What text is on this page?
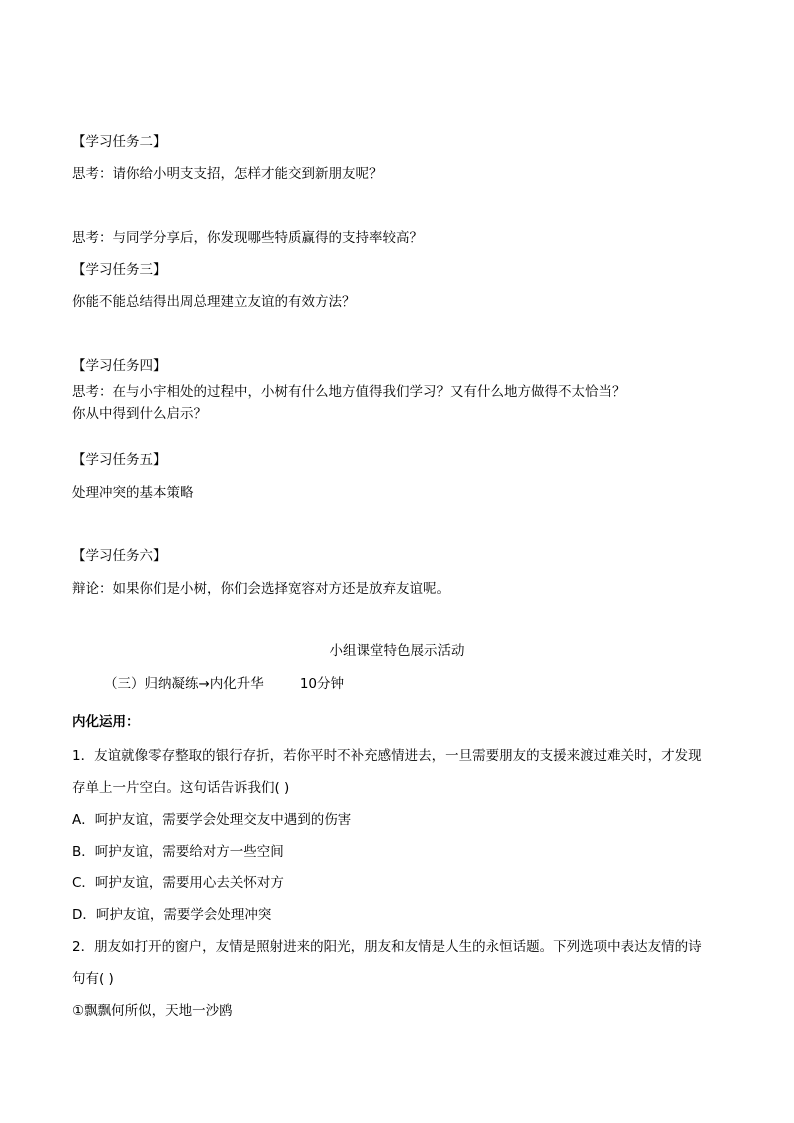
【学习任务二】
思考：请你给小明支支招，怎样才能交到新朋友呢？
思考：与同学分享后，你发现哪些特质赢得的支持率较高？
【学习任务三】
你能不能总结得出周总理建立友谊的有效方法？
【学习任务四】
思考：在与小宇相处的过程中，小树有什么地方值得我们学习？又有什么地方做得不太恰当？
你从中得到什么启示？
【学习任务五】
处理冲突的基本策略
【学习任务六】
辩论：如果你们是小树，你们会选择宽容对方还是放弃友谊呢。
小组课堂特色展示活动
（三）归纳凝练→内化升华	10分钟
内化运用：
1．友谊就像零存整取的银行存折，若你平时不补充感情进去，一旦需要朋友的支援来渡过难关时，才发现
存单上一片空白。这句话告诉我们( )
A．呵护友谊，需要学会处理交友中遇到的伤害
B．呵护友谊，需要给对方一些空间
C．呵护友谊，需要用心去关怀对方
D．呵护友谊，需要学会处理冲突
2．朋友如打开的窗户，友情是照射进来的阳光，朋友和友情是人生的永恒话题。下列选项中表达友情的诗
句有( )
①飘飘何所似，天地一沙鸥
